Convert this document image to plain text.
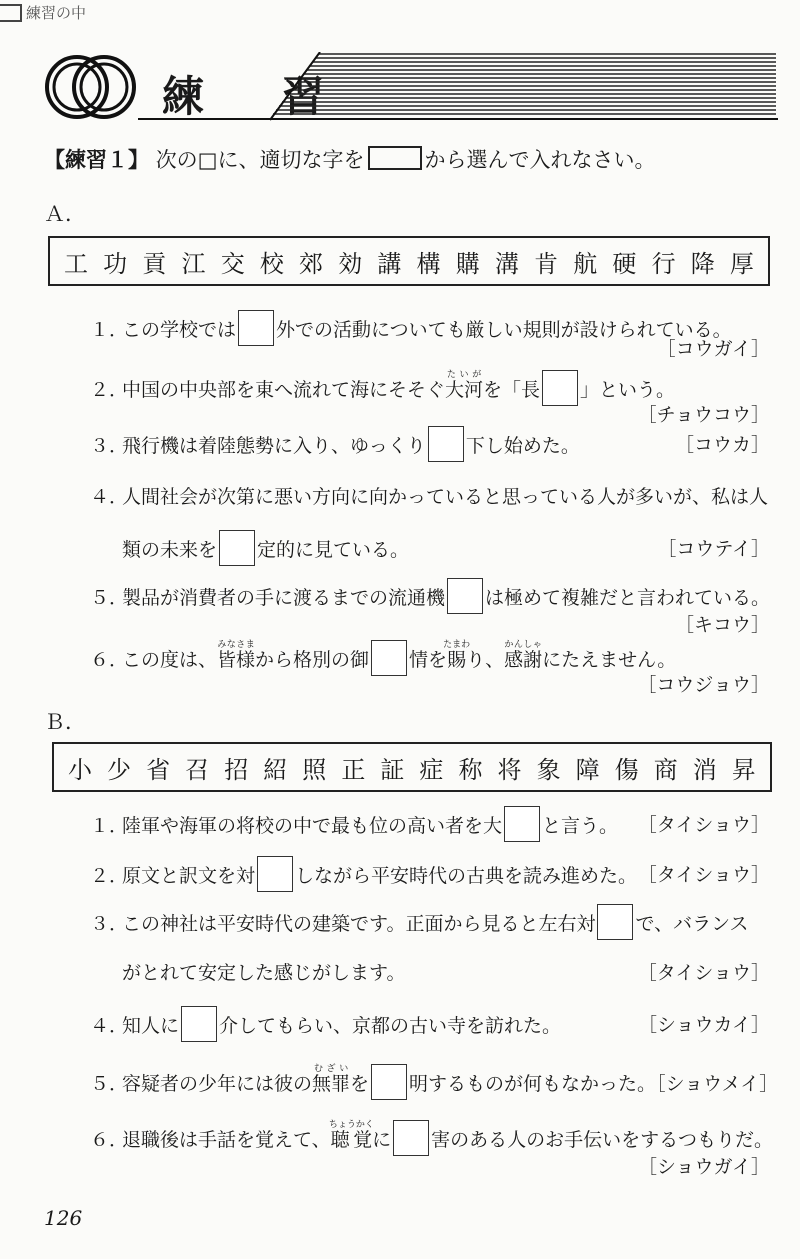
練習の中
練　習
【練習１】 次の□に、適切な字を	から選んで入れなさい。
Ａ．
工 功 貢 江 交 校 郊 効 講 構 購 溝 肯 航 硬 行 降 厚
１．この学校では 外での活動についても厳しい規則が設けられている。
［コウガイ］
２．中国の中央部を東へ流れて海にそそぐ大河たいがを「長 」という。
［チョウコウ］
３．飛行機は着陸態勢に入り、ゆっくり 下し始めた。	［コウカ］
４．人間社会が次第に悪い方向に向かっていると思っている人が多いが、私は人
類の未来を 定的に見ている。	［コウテイ］
５．製品が消費者の手に渡るまでの流通機 は極めて複雑だと言われている。
［キコウ］
６．この度は、皆様みなさまから格別の御 情を賜たまわり、感謝かんしゃにたえません。
［コウジョウ］
Ｂ．
小 少 省 召 招 紹 照 正 証 症 称 将 象 障 傷 商 消 昇
１．陸軍や海軍の将校の中で最も位の高い者を大 と言う。 ［タイショウ］
２．原文と訳文を対 しながら平安時代の古典を読み進めた。 ［タイショウ］
３．この神社は平安時代の建築です。正面から見ると左右対 で、バランス
がとれて安定した感じがします。	［タイショウ］
４．知人に 介してもらい、京都の古い寺を訪れた。	［ショウカイ］
５．容疑者の少年には彼の無罪むざいを 明するものが何もなかった。［ショウメイ］
６．退職後は手話を覚えて、聴覚ちょうかくに 害のある人のお手伝いをするつもりだ。
［ショウガイ］
126
